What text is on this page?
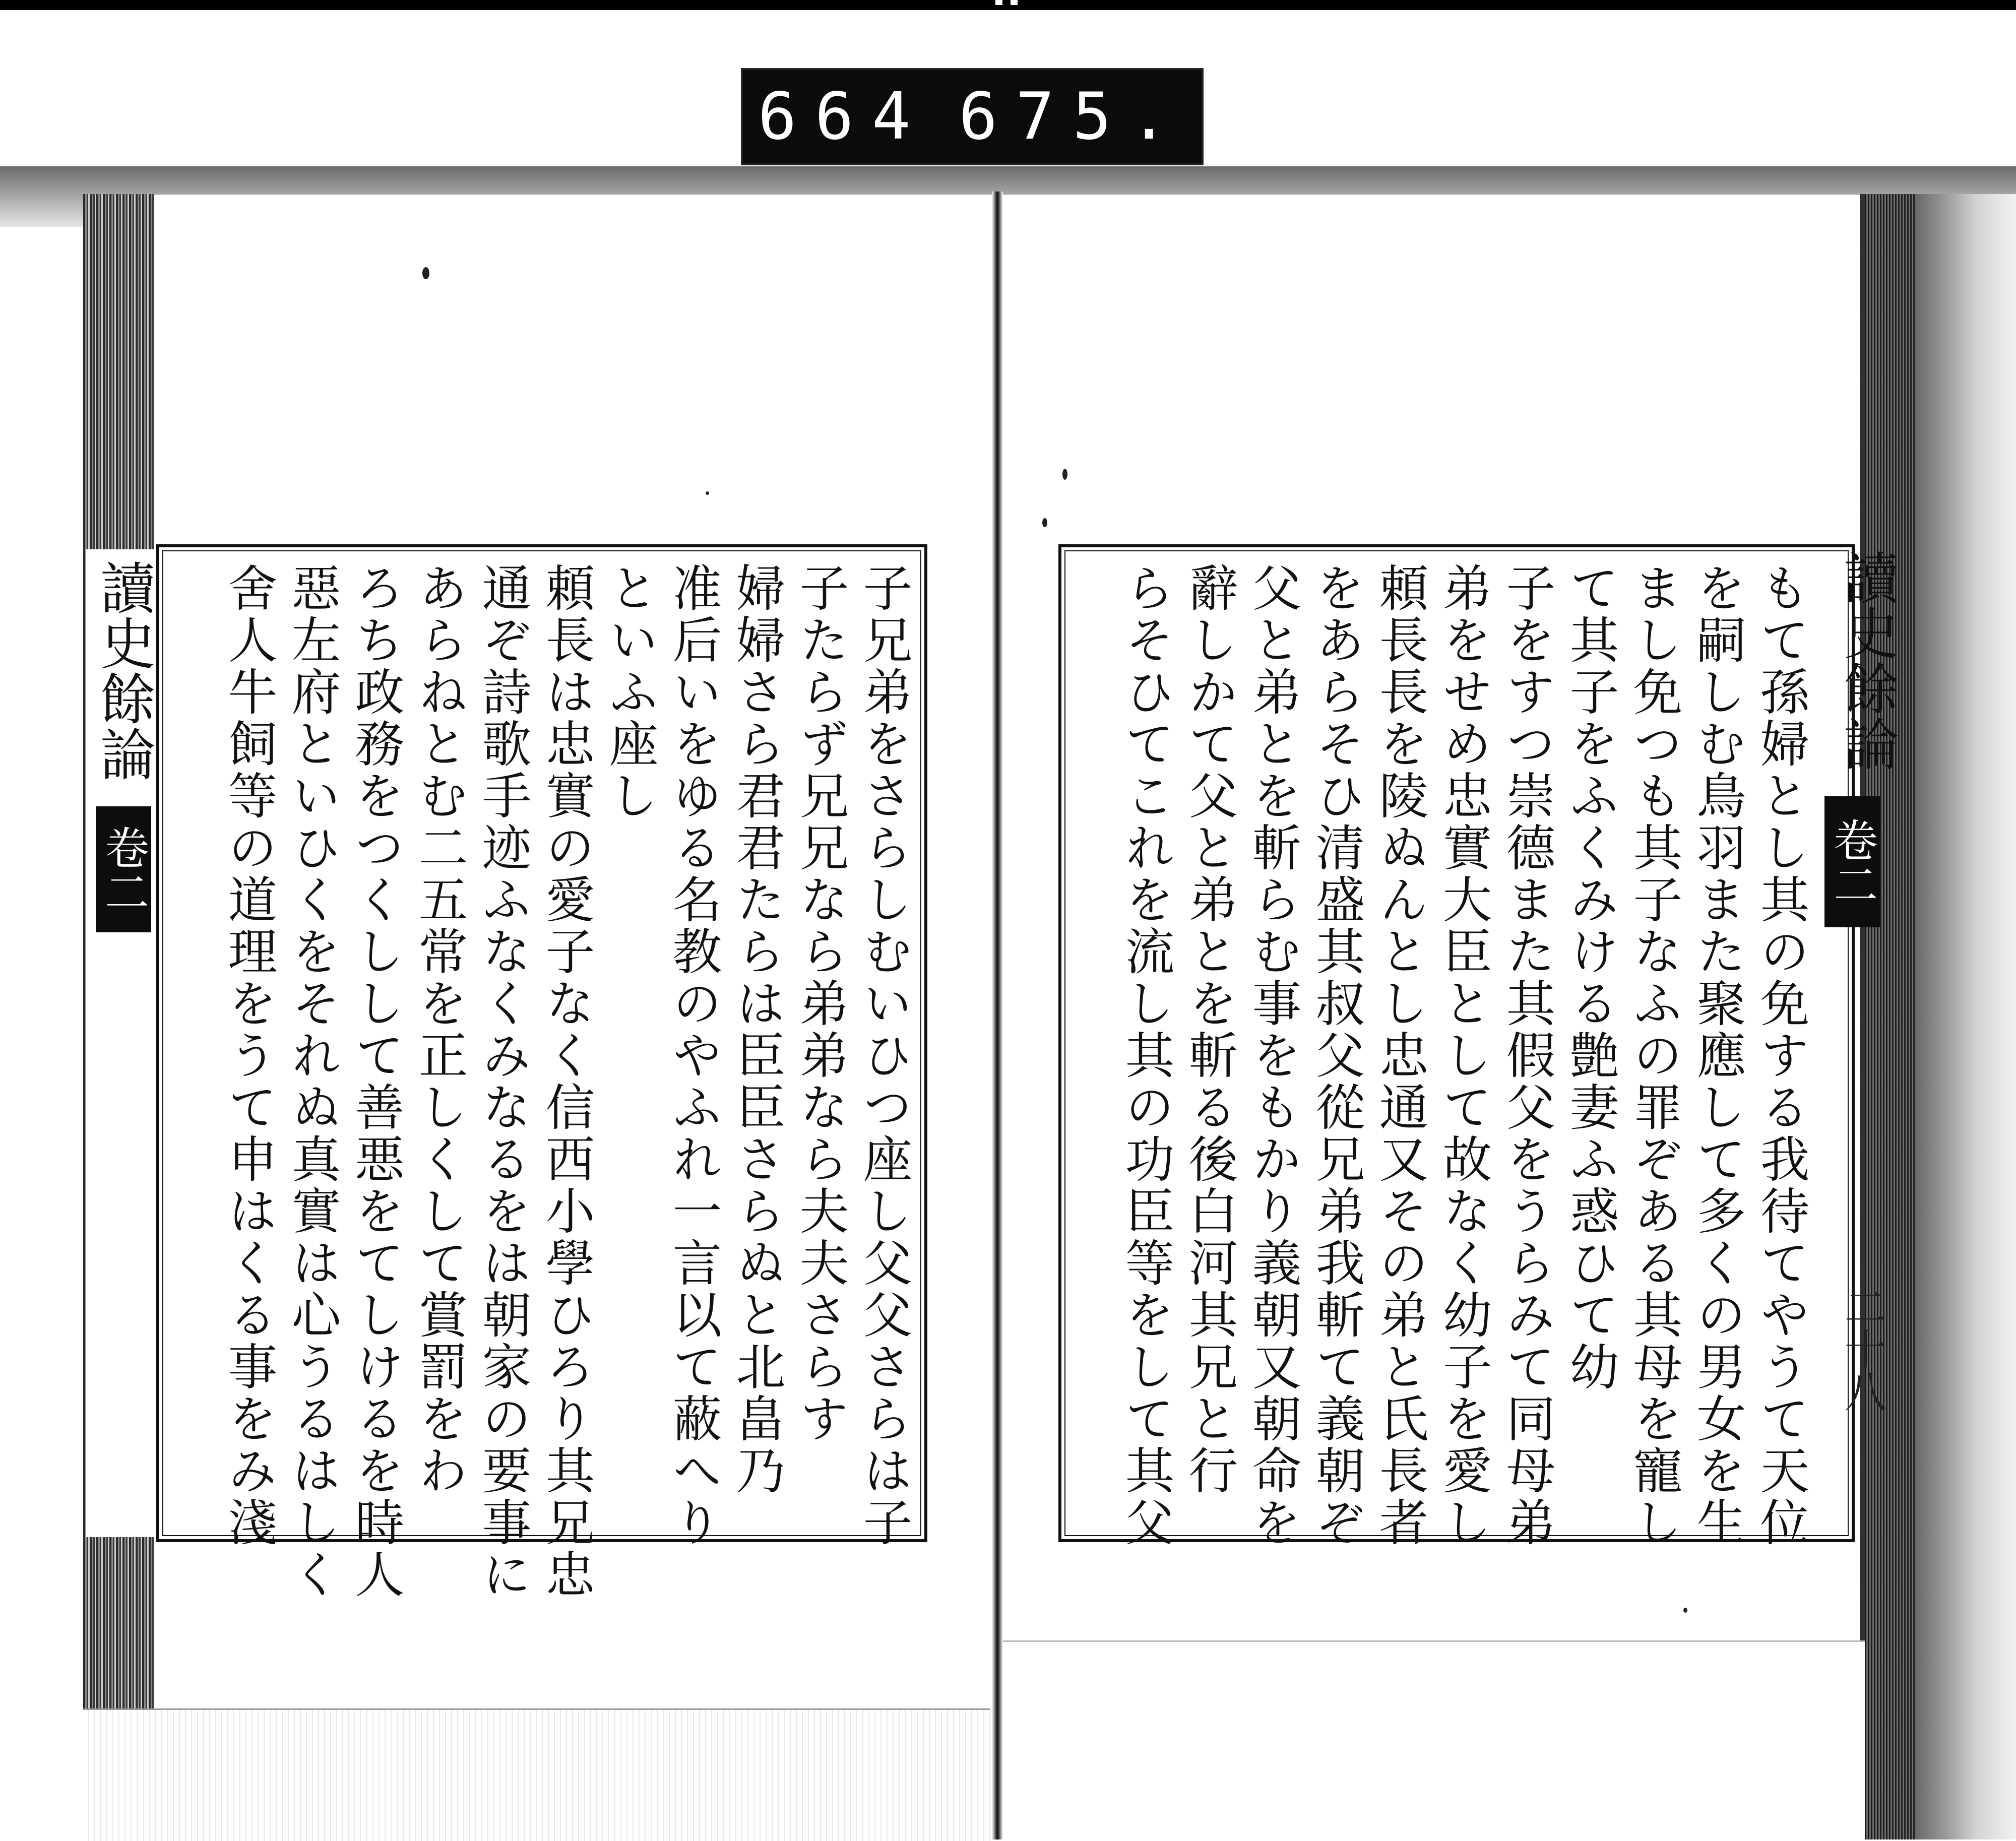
664 675.
讀史餘論
卷二	子兄弟をさらしむいひつ座し父父さらは子
子たらず兄兄なら弟弟なら夫夫さらす
婦婦さら君君たらは臣臣さらぬと北畠乃
准后いをゆる名教のやふれ一言以て蔽へり
といふ座し
頼長は忠實の愛子なく信西小學ひろり其兄忠
通ぞ詩歌手迹ふなくみなるをは朝家の要事に
あらねとむ二五常を正しくして賞罰をわ
ろち政務をつくしして善悪をてしけるを時人
惡左府といひくをそれぬ真實は心うるはしく
舍人牛飼等の道理をうて申はくる事をみ淺	もて孫婦とし其の免する我待てやうて天位
を嗣しむ鳥羽また聚應して多くの男女を生
まし免つも其子なふの罪ぞある其母を寵し
て其子をふくみける艶妻ふ惑ひて幼
子をすつ崇德また其假父をうらみて同母弟
弟をせめ忠實大臣として故なく幼子を愛し
頼長長を陵ぬんとし忠通又その弟と氏長者
をあらそひ清盛其叔父從兄弟我斬て義朝ぞ
父と弟とを斬らむ事をもかり義朝又朝命を
辭しかて父と弟とを斬る後白河其兄と行
らそひてこれを流し其の功臣等をして其父	讀史餘論
卷二
二十八
